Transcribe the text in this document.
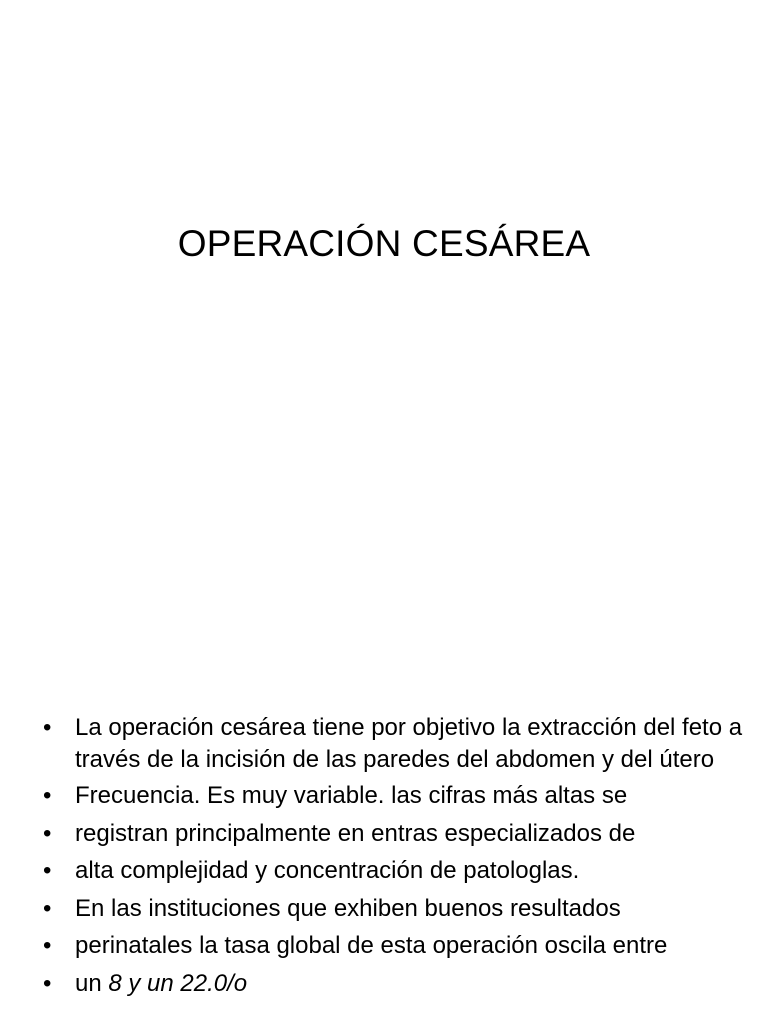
OPERACIÓN CESÁREA
• La operación cesárea tiene por objetivo la extracción del feto a través de la incisión de las paredes del abdomen y del útero
• Frecuencia. Es muy variable. las cifras más altas se
• registran principalmente en entras especializados de
• alta complejidad y concentración de patologlas.
• En las instituciones que exhiben buenos resultados
• perinatales la tasa global de esta operación oscila entre
• un 8 y un 22.0/o
